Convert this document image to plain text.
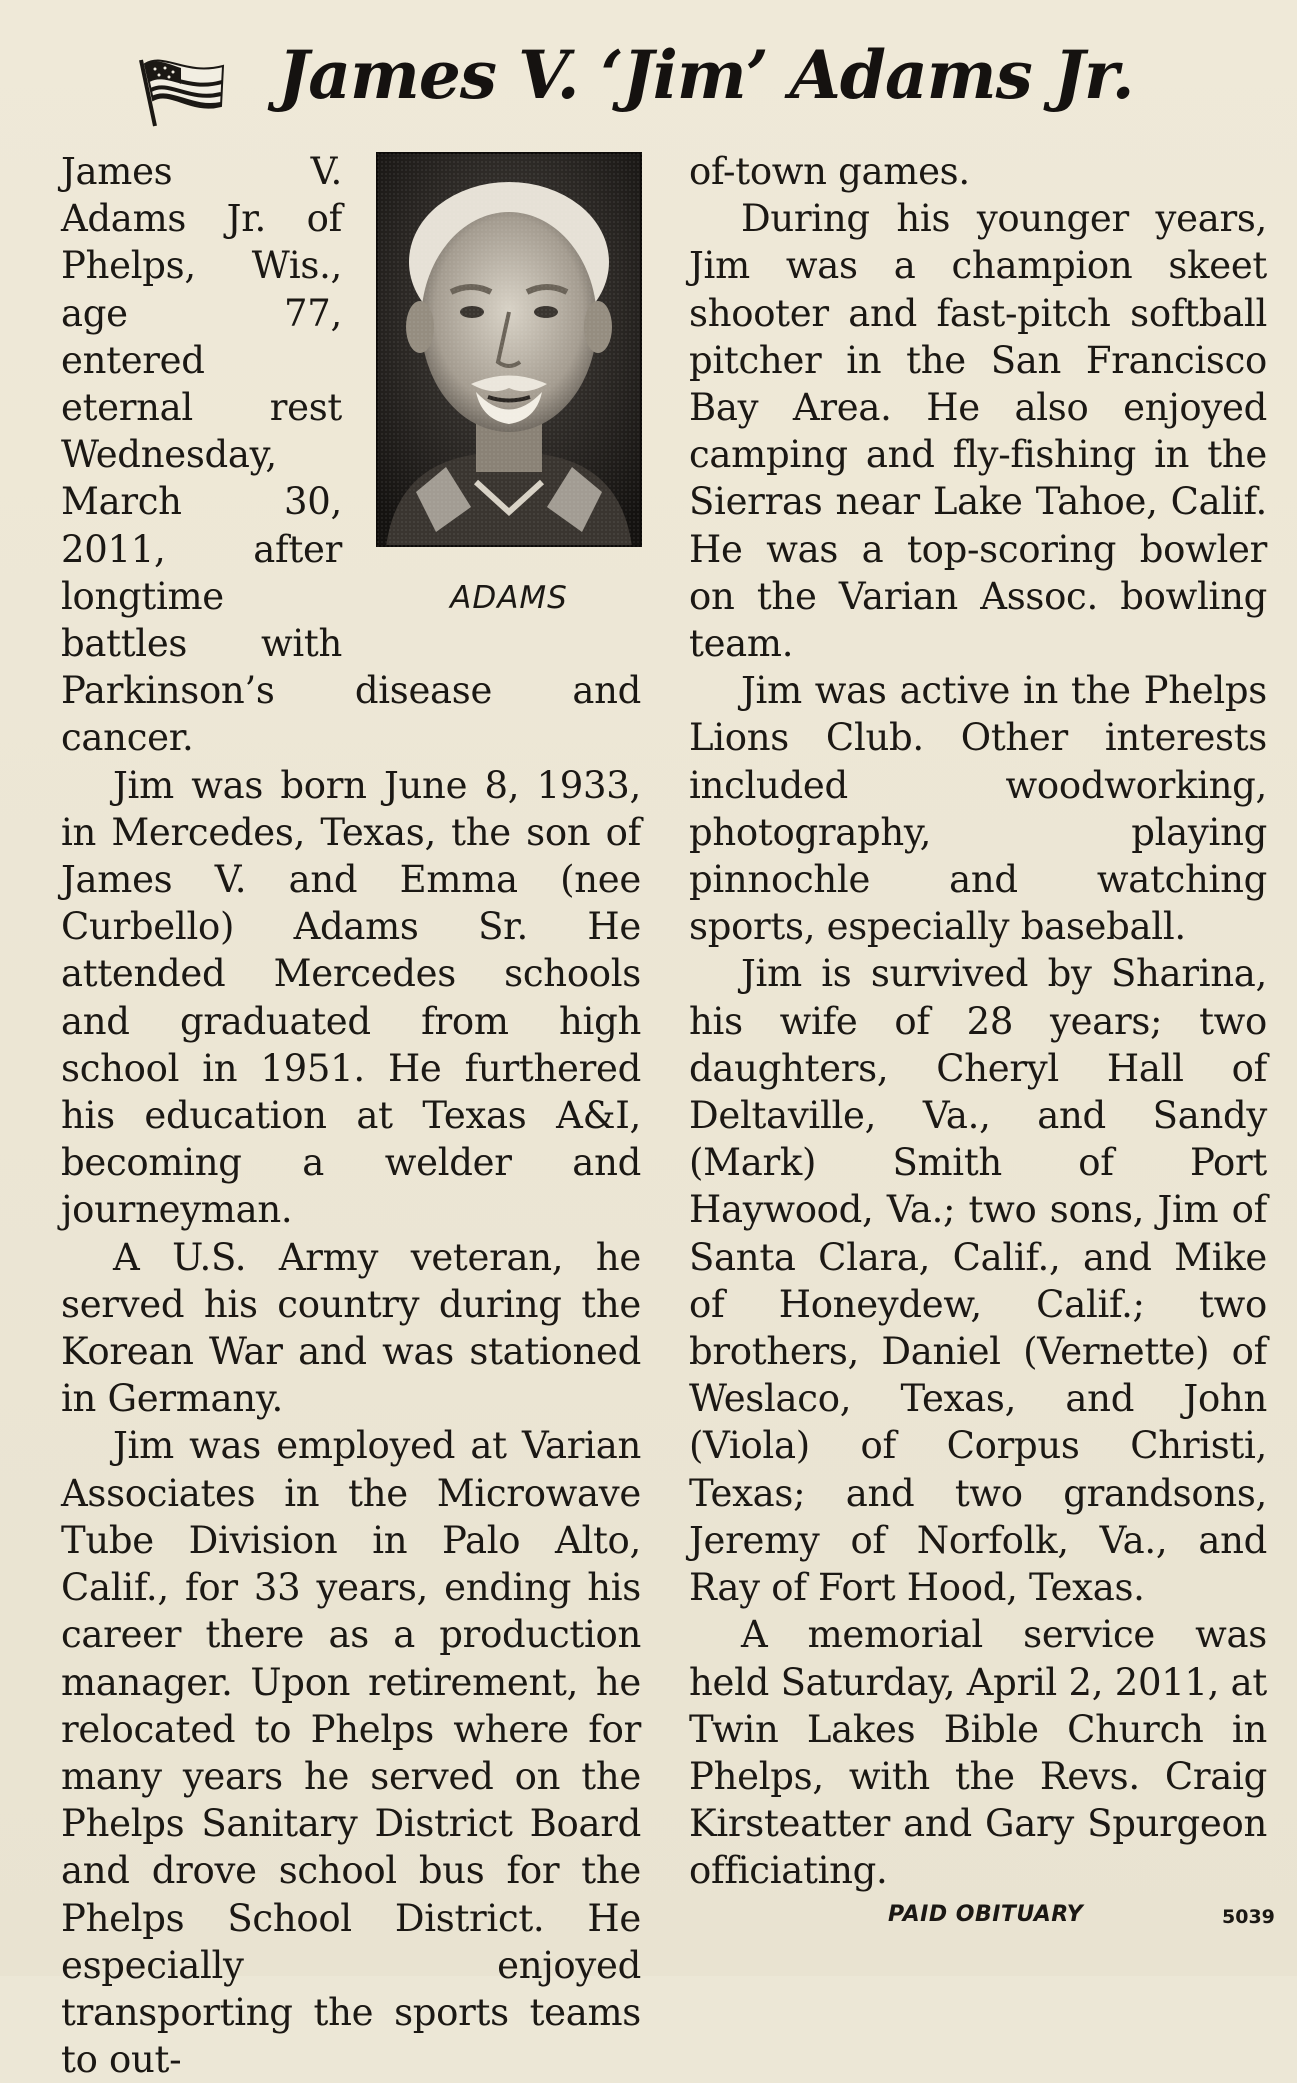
James V. ‘Jim’ Adams Jr.
ADAMS

James V. Adams Jr. of Phelps, Wis., age 77, entered eternal rest Wednesday, March 30, 2011, after longtime battles with Parkinson’s disease and cancer.

Jim was born June 8, 1933, in Mercedes, Texas, the son of James V. and Emma (nee Curbello) Adams Sr. He attended Mercedes schools and graduated from high school in 1951. He furthered his education at Texas A&I, becoming a welder and journeyman.

A U.S. Army veteran, he served his country during the Korean War and was stationed in Germany.

Jim was employed at Varian Associates in the Microwave Tube Division in Palo Alto, Calif., for 33 years, ending his career there as a production manager. Upon retirement, he relocated to Phelps where for many years he served on the Phelps Sanitary District Board and drove school bus for the Phelps School District. He especially enjoyed transporting the sports teams to out-

of-town games.

During his younger years, Jim was a champion skeet shooter and fast-pitch softball pitcher in the San Francisco Bay Area. He also enjoyed camping and fly-fishing in the Sierras near Lake Tahoe, Calif. He was a top-scoring bowler on the Varian Assoc. bowling team.

Jim was active in the Phelps Lions Club. Other interests included woodworking, photography, playing pinnochle and watching sports, especially baseball.

Jim is survived by Sharina, his wife of 28 years; two daughters, Cheryl Hall of Deltaville, Va., and Sandy (Mark) Smith of Port Haywood, Va.; two sons, Jim of Santa Clara, Calif., and Mike of Honeydew, Calif.; two brothers, Daniel (Vernette) of Weslaco, Texas, and John (Viola) of Corpus Christi, Texas; and two grandsons, Jeremy of Norfolk, Va., and Ray of Fort Hood, Texas.

A memorial service was held Saturday, April 2, 2011, at Twin Lakes Bible Church in Phelps, with the Revs. Craig Kirsteatter and Gary Spurgeon officiating.

PAID OBITUARY	5039
